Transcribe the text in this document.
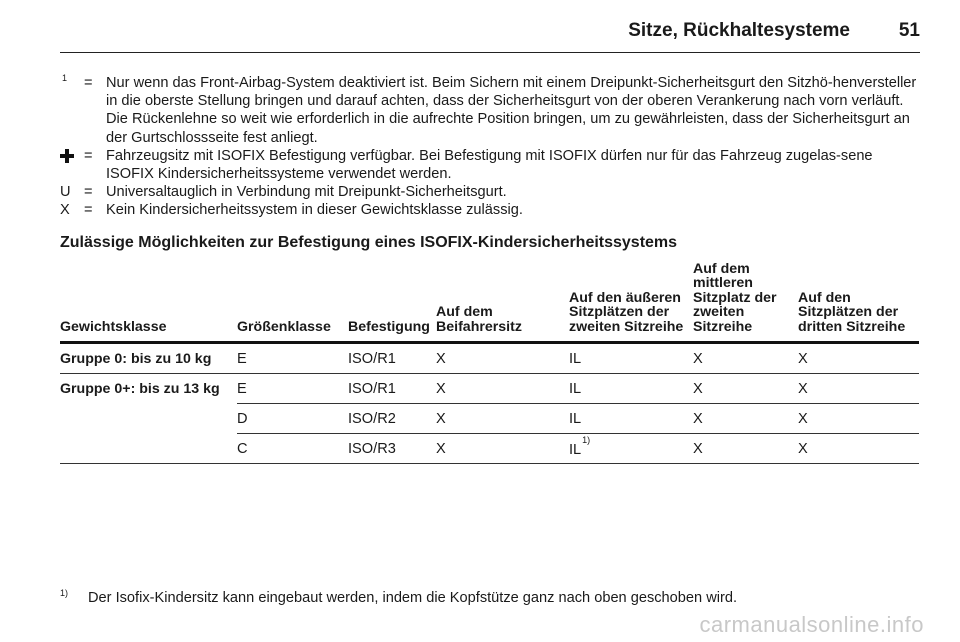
Sitze, Rückhaltesysteme	51
$^1$	= Nur wenn das Front-Airbag-System deaktiviert ist. Beim Sichern mit einem Dreipunkt-Sicherheitsgurt den Sitzhö-henversteller in die oberste Stellung bringen und darauf achten, dass der Sicherheitsgurt von der oberen Verankerung nach vorn verläuft. Die Rückenlehne so weit wie erforderlich in die aufrechte Position bringen, um zu gewährleisten, dass der Sicherheitsgurt an der Gurtschlossseite fest anliegt.
= Fahrzeugsitz mit ISOFIX Befestigung verfügbar. Bei Befestigung mit ISOFIX dürfen nur für das Fahrzeug zugelas-sene ISOFIX Kindersicherheitssysteme verwendet werden.
U = Universaltauglich in Verbindung mit Dreipunkt-Sicherheitsgurt.
X = Kein Kindersicherheitssystem in dieser Gewichtsklasse zulässig.
Zulässige Möglichkeiten zur Befestigung eines ISOFIX-Kindersicherheitssystems
Gewichtsklasse	Größenklasse	Befestigung	Auf dem Beifahrersitz	Auf den äußeren Sitzplätzen der zweiten Sitzreihe	Auf dem mittleren Sitzplatz der zweiten Sitzreihe	Auf den Sitzplätzen der dritten Sitzreihe
Gruppe 0: bis zu 10 kg	E	ISO/R1	X	IL	X	X
Gruppe 0+: bis zu 13 kg	E	ISO/R1	X	IL	X	X
	D	ISO/R2	X	IL	X	X
	C	ISO/R3	X	IL$^{1)}$	X	X
1)	Der Isofix-Kindersitz kann eingebaut werden, indem die Kopfstütze ganz nach oben geschoben wird.
carmanualsonline.info
